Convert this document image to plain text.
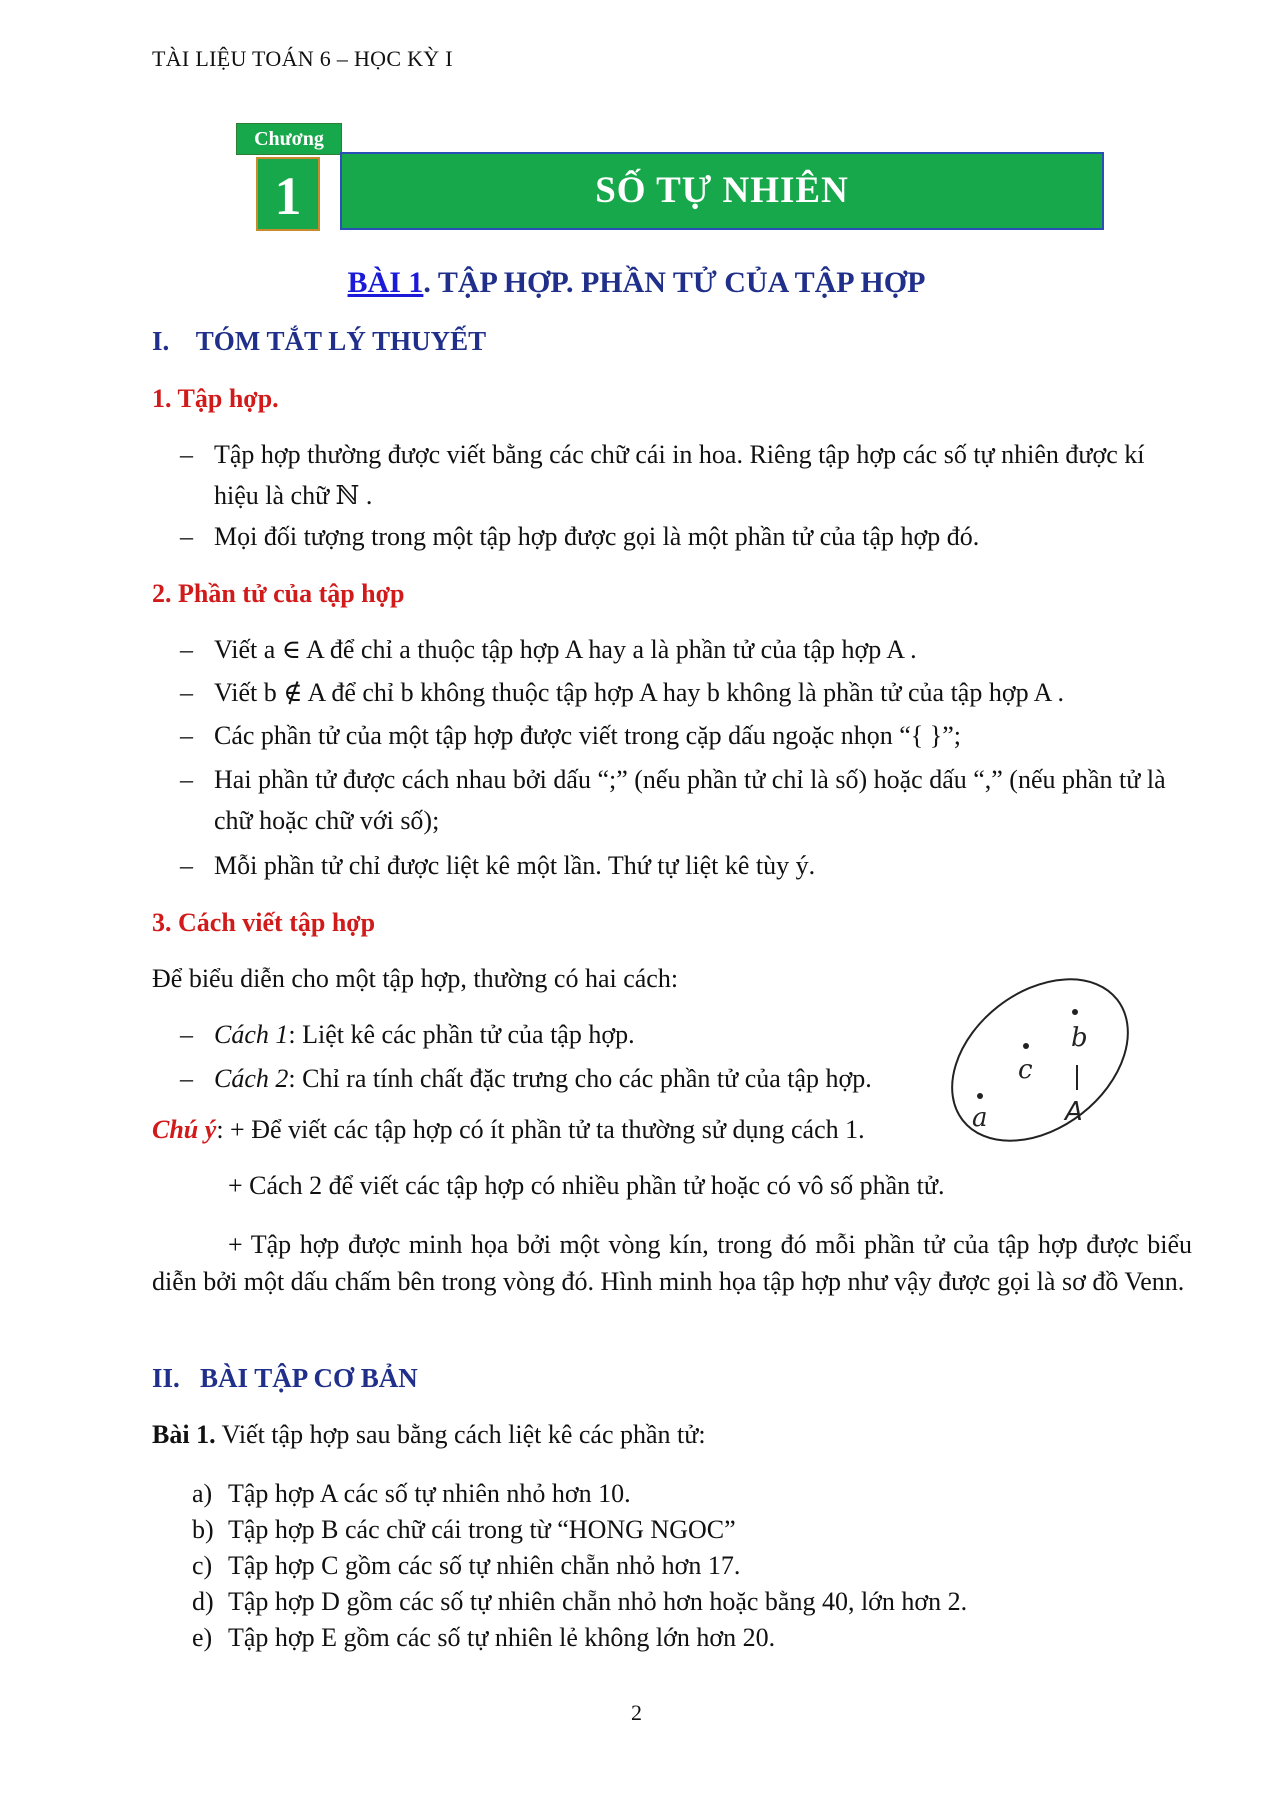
TÀI LIỆU TOÁN 6 – HỌC KỲ I
Chương
1	SỐ TỰ NHIÊN
BÀI 1. TẬP HỢP. PHẦN TỬ CỦA TẬP HỢP
I.    TÓM TẮT LÝ THUYẾT
1. Tập hợp.
– Tập hợp thường được viết bằng các chữ cái in hoa. Riêng tập hợp các số tự nhiên được kí hiệu là chữ ℕ .
– Mọi đối tượng trong một tập hợp được gọi là một phần tử của tập hợp đó.
2. Phần tử của tập hợp
– Viết a ∈ A để chỉ a thuộc tập hợp A hay a là phần tử của tập hợp A .
– Viết b ∉ A để chỉ b không thuộc tập hợp A hay b không là phần tử của tập hợp A .
– Các phần tử của một tập hợp được viết trong cặp dấu ngoặc nhọn “{ }”;
– Hai phần tử được cách nhau bởi dấu “;” (nếu phần tử chỉ là số) hoặc dấu “,” (nếu phần tử là chữ hoặc chữ với số);
– Mỗi phần tử chỉ được liệt kê một lần. Thứ tự liệt kê tùy ý.
3. Cách viết tập hợp
Để biểu diễn cho một tập hợp, thường có hai cách:
– Cách 1: Liệt kê các phần tử của tập hợp.
– Cách 2: Chỉ ra tính chất đặc trưng cho các phần tử của tập hợp.
Chú ý: + Để viết các tập hợp có ít phần tử ta thường sử dụng cách 1.
+ Cách 2 để viết các tập hợp có nhiều phần tử hoặc có vô số phần tử.
+ Tập hợp được minh họa bởi một vòng kín, trong đó mỗi phần tử của tập hợp được biểu diễn bởi một dấu chấm bên trong vòng đó. Hình minh họa tập hợp như vậy được gọi là sơ đồ Venn.
b
c
a	A
II.   BÀI TẬP CƠ BẢN
Bài 1. Viết tập hợp sau bằng cách liệt kê các phần tử:
a) Tập hợp A các số tự nhiên nhỏ hơn 10.
b) Tập hợp B các chữ cái trong từ “HONG NGOC”
c) Tập hợp C gồm các số tự nhiên chẵn nhỏ hơn 17.
d) Tập hợp D gồm các số tự nhiên chẵn nhỏ hơn hoặc bằng 40, lớn hơn 2.
e) Tập hợp E gồm các số tự nhiên lẻ không lớn hơn 20.
2
